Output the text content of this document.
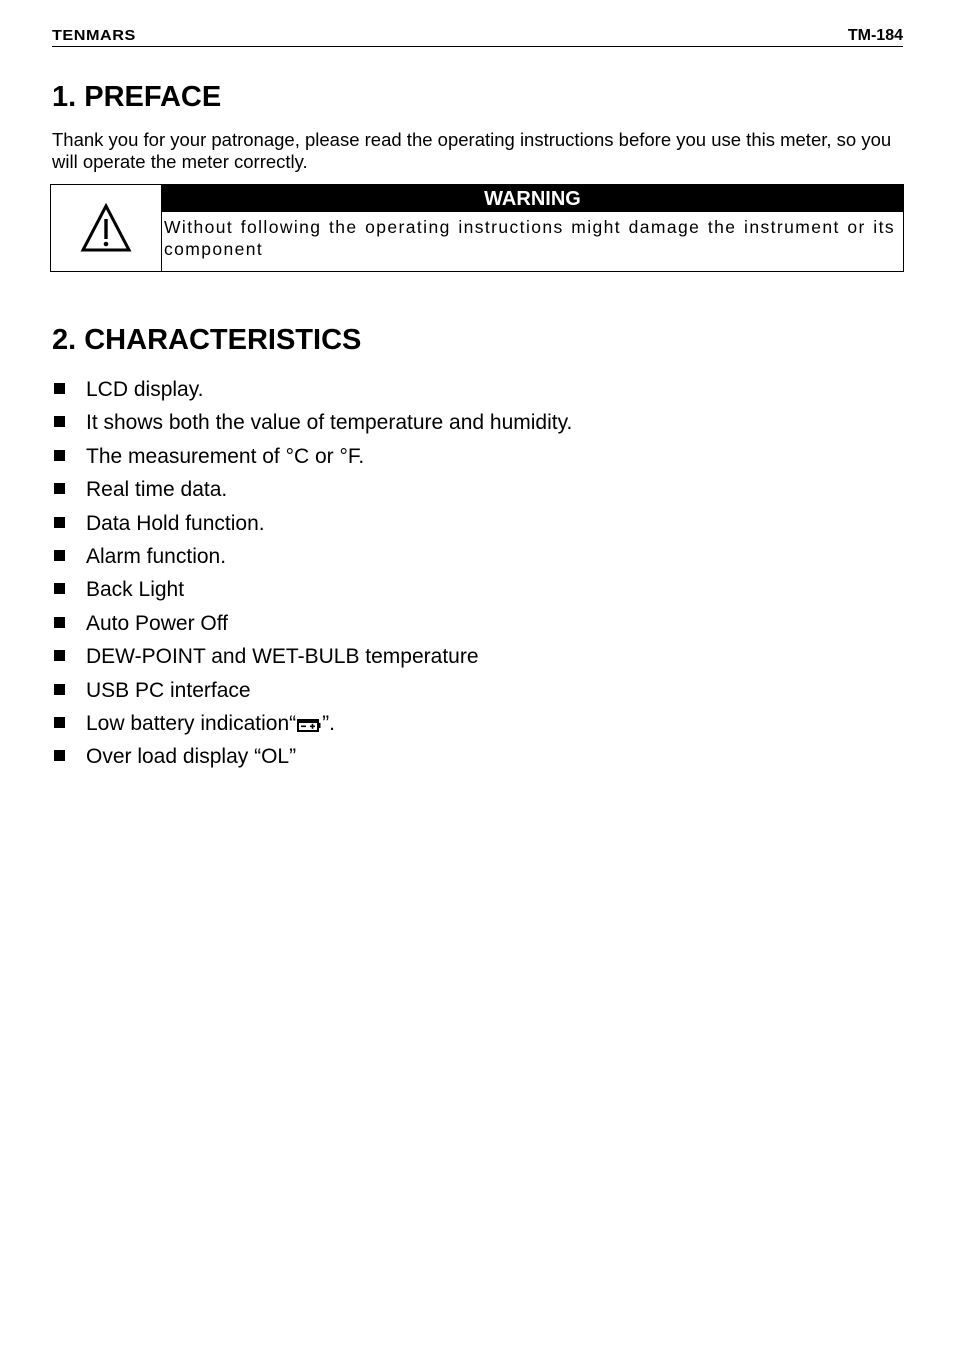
TENMARS	TM-184
1. PREFACE

Thank you for your patronage, please read the operating instructions before you use this meter, so you will operate the meter correctly.

WARNING
Without following the operating instructions might damage the instrument or its component
2. CHARACTERISTICS
LCD display.
It shows both the value of temperature and humidity.
The measurement of °C or °F.
Real time data.
Data Hold function.
Alarm function.
Back Light
Auto Power Off
DEW-POINT and WET-BULB temperature
USB PC interface
Low battery indication“ ”.
Over load display “OL”
